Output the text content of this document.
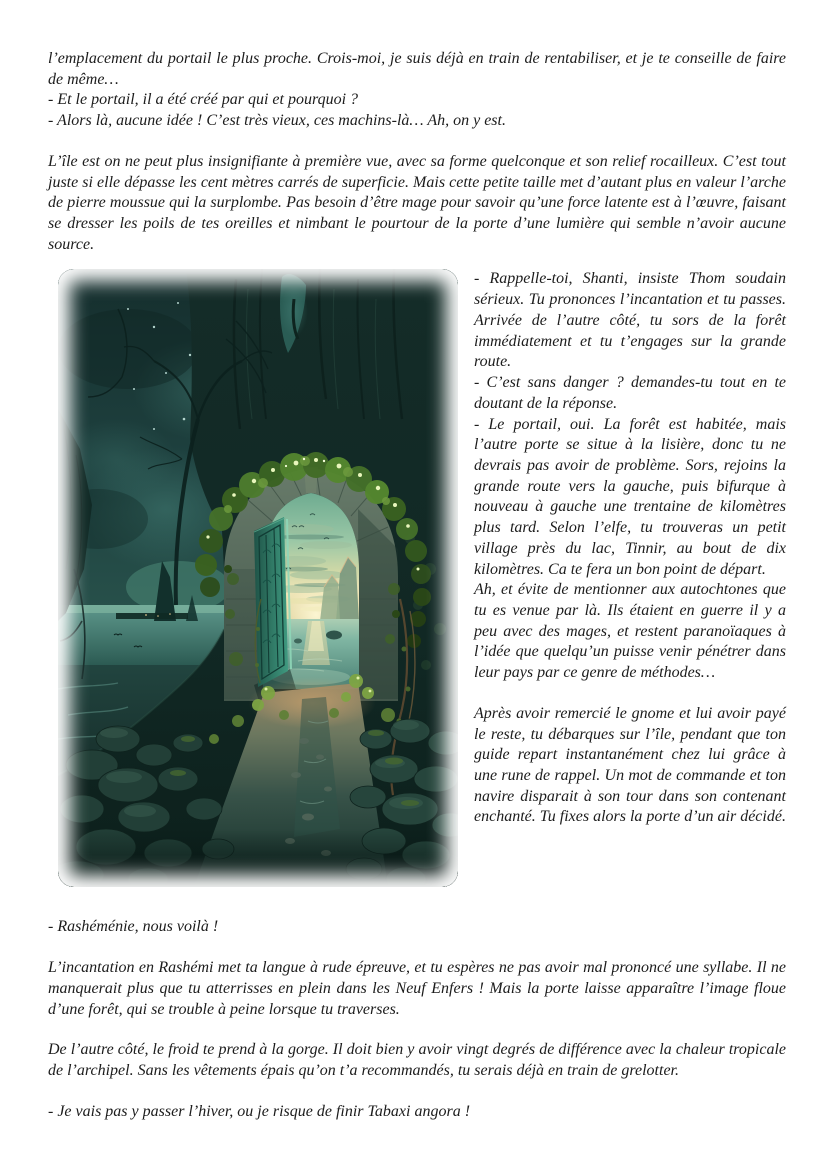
l’emplacement du portail le plus proche. Crois-moi, je suis déjà en train de rentabiliser, et je te conseille de faire de même…

- Et le portail, il a été créé par qui et pourquoi ?

- Alors là, aucune idée ! C’est très vieux, ces machins-là… Ah, on y est.

L’île est on ne peut plus insignifiante à première vue, avec sa forme quelconque et son relief rocailleux. C’est tout juste si elle dépasse les cent mètres carrés de superficie. Mais cette petite taille met d’autant plus en valeur l’arche de pierre moussue qui la surplombe. Pas besoin d’être mage pour savoir qu’une force latente est à l’œuvre, faisant se dresser les poils de tes oreilles et nimbant le pourtour de la porte d’une lumière qui semble n’avoir aucune source.

- Rappelle-toi, Shanti, insiste Thom soudain sérieux. Tu prononces l’incantation et tu passes. Arrivée de l’autre côté, tu sors de la forêt immédiatement et tu t’engages sur la grande route.

- C’est sans danger ? demandes-tu tout en te doutant de la réponse.

- Le portail, oui. La forêt est habitée, mais l’autre porte se situe à la lisière, donc tu ne devrais pas avoir de problème. Sors, rejoins la grande route vers la gauche, puis bifurque à nouveau à gauche une trentaine de kilomètres plus tard. Selon l’elfe, tu trouveras un petit village près du lac, Tinnir, au bout de dix kilomètres. Ca te fera un bon point de départ.

Ah, et évite de mentionner aux autochtones que tu es venue par là. Ils étaient en guerre il y a peu avec des mages, et restent paranoïaques à l’idée que quelqu’un puisse venir pénétrer dans leur pays par ce genre de méthodes…

Après avoir remercié le gnome et lui avoir payé le reste, tu débarques sur l’île, pendant que ton guide repart instantanément chez lui grâce à une rune de rappel. Un mot de commande et ton navire disparait à son tour dans son contenant enchanté. Tu fixes alors la porte d’un air décidé.

- Rashéménie, nous voilà !

L’incantation en Rashémi met ta langue à rude épreuve, et tu espères ne pas avoir mal prononcé une syllabe. Il ne manquerait plus que tu atterrisses en plein dans les Neuf Enfers ! Mais la porte laisse apparaître l’image floue d’une forêt, qui se trouble à peine lorsque tu traverses.

De l’autre côté, le froid te prend à la gorge. Il doit bien y avoir vingt degrés de différence avec la chaleur tropicale de l’archipel. Sans les vêtements épais qu’on t’a recommandés, tu serais déjà en train de grelotter.

- Je vais pas y passer l’hiver, ou je risque de finir Tabaxi angora !
